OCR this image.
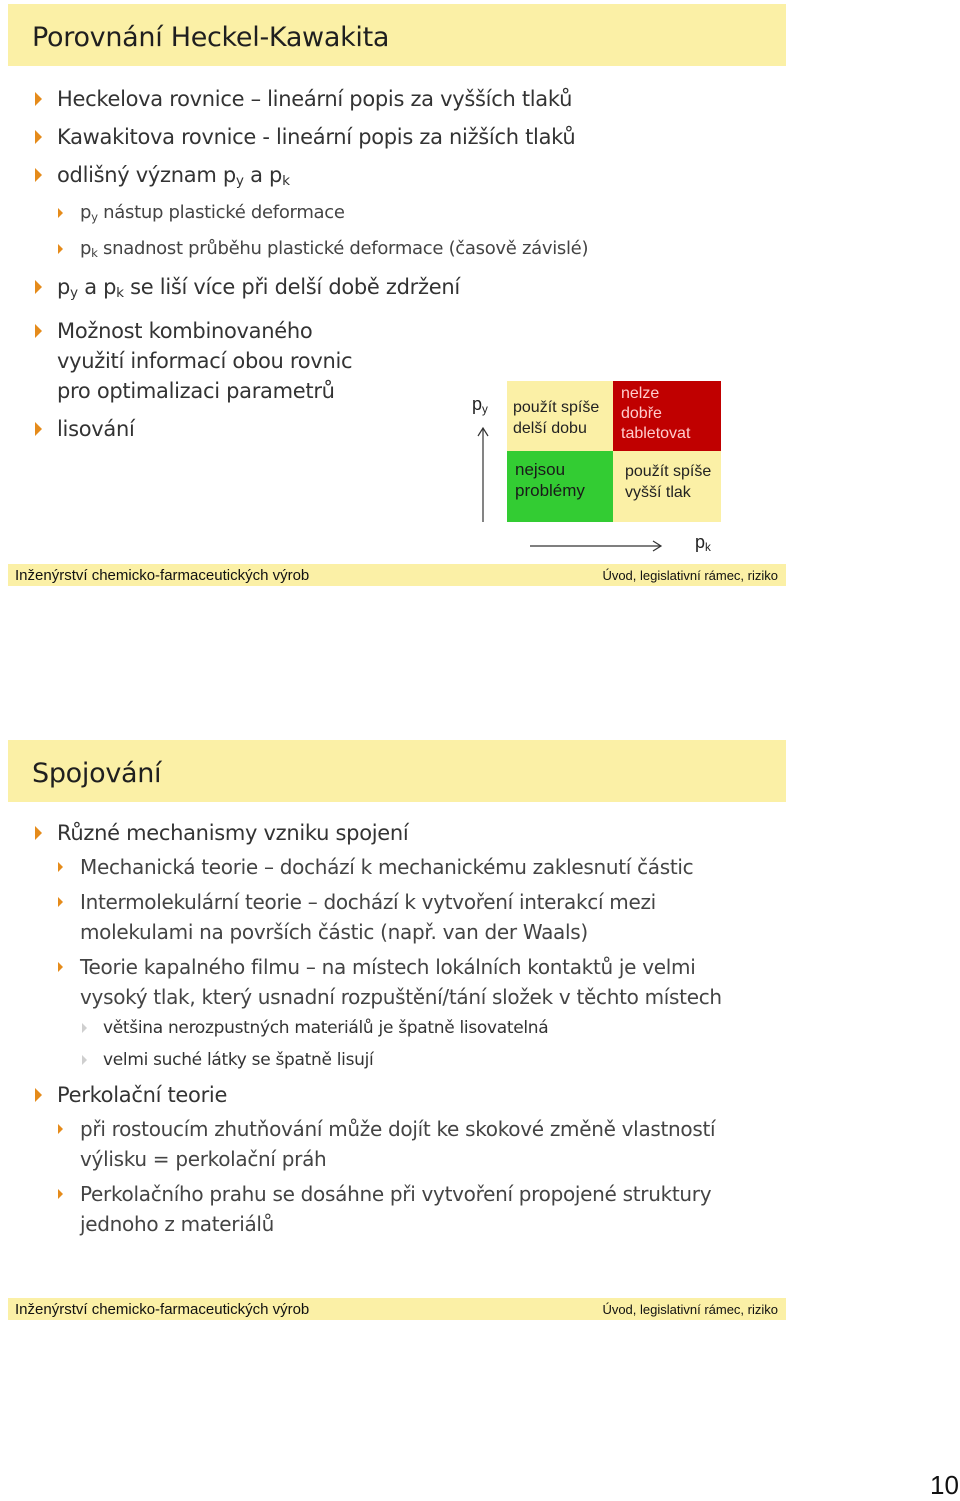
Porovnání Heckel-Kawakita

Heckelova rovnice – lineární popis za vyšších tlaků

Kawakitova rovnice - lineární popis za nižších tlaků

odlišný význam $p_y$ a $p_k$

$p_y$ nástup plastické deformace

$p_k$ snadnost průběhu plastické deformace (časově závislé)

$p_y$ a $p_k$ se liší více při delší době zdržení

Možnost kombinovaného
využití informací obou rovnic
pro optimalizaci parametrů

lisování

$p_y$ použít spíše
delší dobu
nelze
dobře
tabletovat
nejsou
problémy
použít spíše
vyšší tlak
$p_k$
Inženýrství chemicko-farmaceutických výrob	Úvod, legislativní rámec, riziko
Spojování

Různé mechanismy vzniku spojení

Mechanická teorie – dochází k mechanickému zaklesnutí částic

Intermolekulární teorie – dochází k vytvoření interakcí mezi
molekulami na površích částic (např. van der Waals)

Teorie kapalného filmu – na místech lokálních kontaktů je velmi
vysoký tlak, který usnadní rozpuštění/tání složek v těchto místech

většina nerozpustných materiálů je špatně lisovatelná

velmi suché látky se špatně lisují

Perkolační teorie

při rostoucím zhutňování může dojít ke skokové změně vlastností
výlisku = perkolační práh

Perkolačního prahu se dosáhne při vytvoření propojené struktury
jednoho z materiálů

Inženýrství chemicko-farmaceutických výrob	Úvod, legislativní rámec, riziko
10
